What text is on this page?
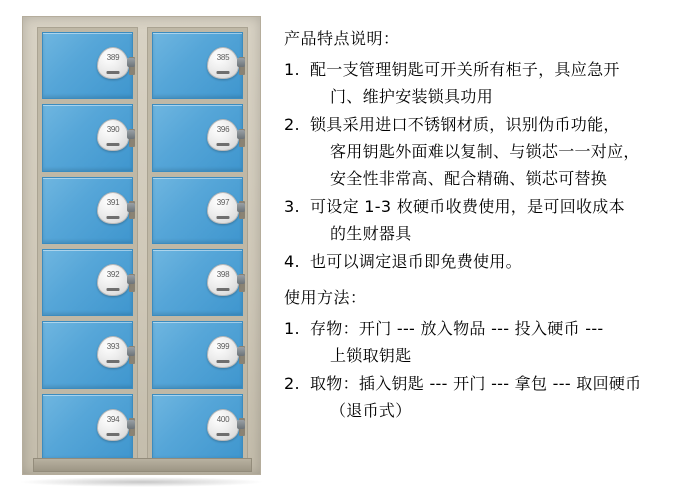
389
390
391
392
393
394
385
396
397
398
399
400

产品特点说明：

1. 配一支管理钥匙可开关所有柜子，具应急开
门、维护安装锁具功用
2. 锁具采用进口不锈钢材质，识别伪币功能，
客用钥匙外面难以复制、与锁芯一一对应，
安全性非常高、配合精确、锁芯可替换
3. 可设定 1-3 枚硬币收费使用，是可回收成本
的生财器具
4. 也可以调定退币即免费使用。

使用方法：

1. 存物：开门 --- 放入物品 --- 投入硬币 ---
上锁取钥匙
2. 取物：插入钥匙 --- 开门 --- 拿包 --- 取回硬币
（退币式）
